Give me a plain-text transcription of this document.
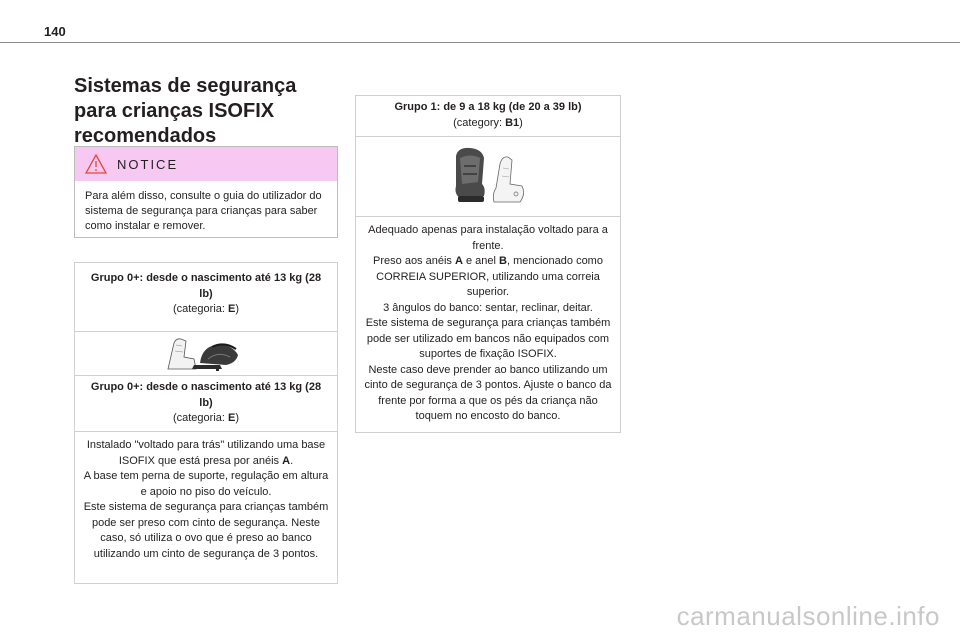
140
Sistemas de segurança para crianças ISOFIX recomendados
NOTICE
Para além disso, consulte o guia do utilizador do sistema de segurança para crianças para saber como instalar e remover.
Grupo 0+: desde o nascimento até 13 kg (28 lb)
(categoria: E)
Grupo 0+: desde o nascimento até 13 kg (28 lb)
(categoria: E)
Instalado "voltado para trás" utilizando uma base ISOFIX que está presa por anéis A.
A base tem perna de suporte, regulação em altura e apoio no piso do veículo.
Este sistema de segurança para crianças também pode ser preso com cinto de segurança. Neste caso, só utiliza o ovo que é preso ao banco utilizando um cinto de segurança de 3 pontos.
Grupo 1: de 9 a 18 kg (de 20 a 39 lb)
(category: B1)
Adequado apenas para instalação voltado para a frente.
Preso aos anéis A e anel B, mencionado como CORREIA SUPERIOR, utilizando uma correia superior.
3 ângulos do banco: sentar, reclinar, deitar.
Este sistema de segurança para crianças também pode ser utilizado em bancos não equipados com suportes de fixação ISOFIX.
Neste caso deve prender ao banco utilizando um cinto de segurança de 3 pontos. Ajuste o banco da frente por forma a que os pés da criança não toquem no encosto do banco.
carmanualsonline.info
